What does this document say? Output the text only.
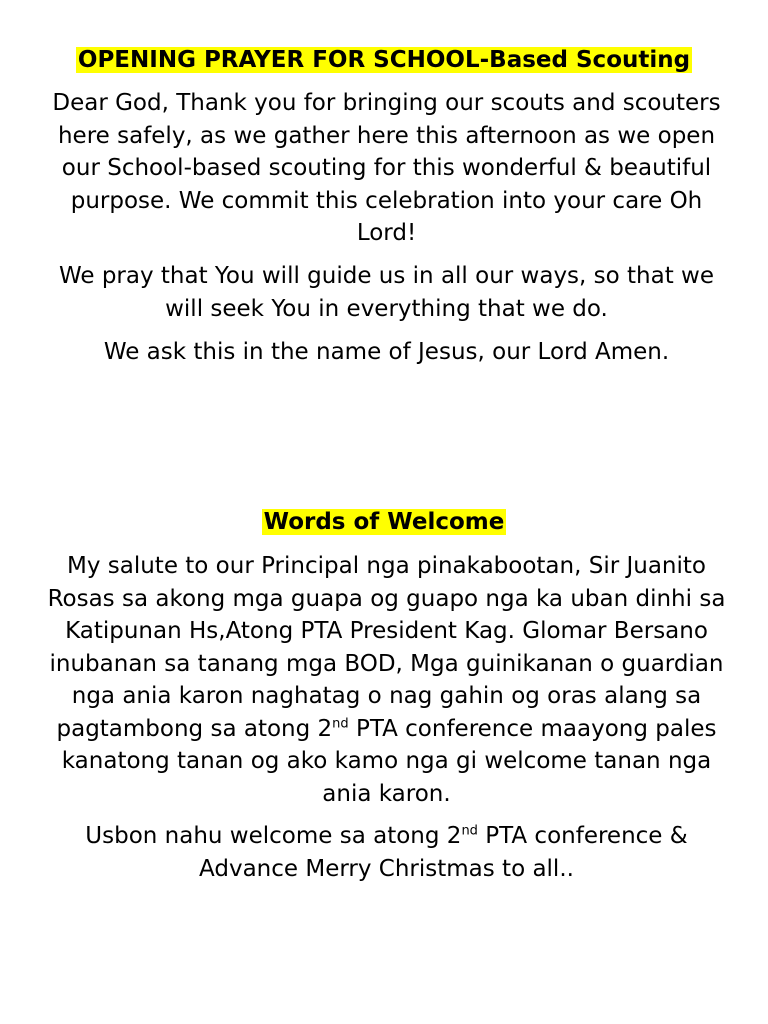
OPENING PRAYER FOR SCHOOL-Based Scouting

Dear God, Thank you for bringing our scouts and scouters here safely, as we gather here this afternoon as we open our School-based scouting for this wonderful & beautiful purpose. We commit this celebration into your care Oh Lord!

We pray that You will guide us in all our ways, so that we will seek You in everything that we do.

We ask this in the name of Jesus, our Lord Amen.

Words of Welcome

My salute to our Principal nga pinakabootan, Sir Juanito Rosas sa akong mga guapa og guapo nga ka uban dinhi sa Katipunan Hs,Atong PTA President Kag. Glomar Bersano inubanan sa tanang mga BOD, Mga guinikanan o guardian nga ania karon naghatag o nag gahin og oras alang sa pagtambong sa atong 2nd PTA conference maayong pales kanatong tanan og ako kamo nga gi welcome tanan nga ania karon.

Usbon nahu welcome sa atong 2nd PTA conference & Advance Merry Christmas to all..
